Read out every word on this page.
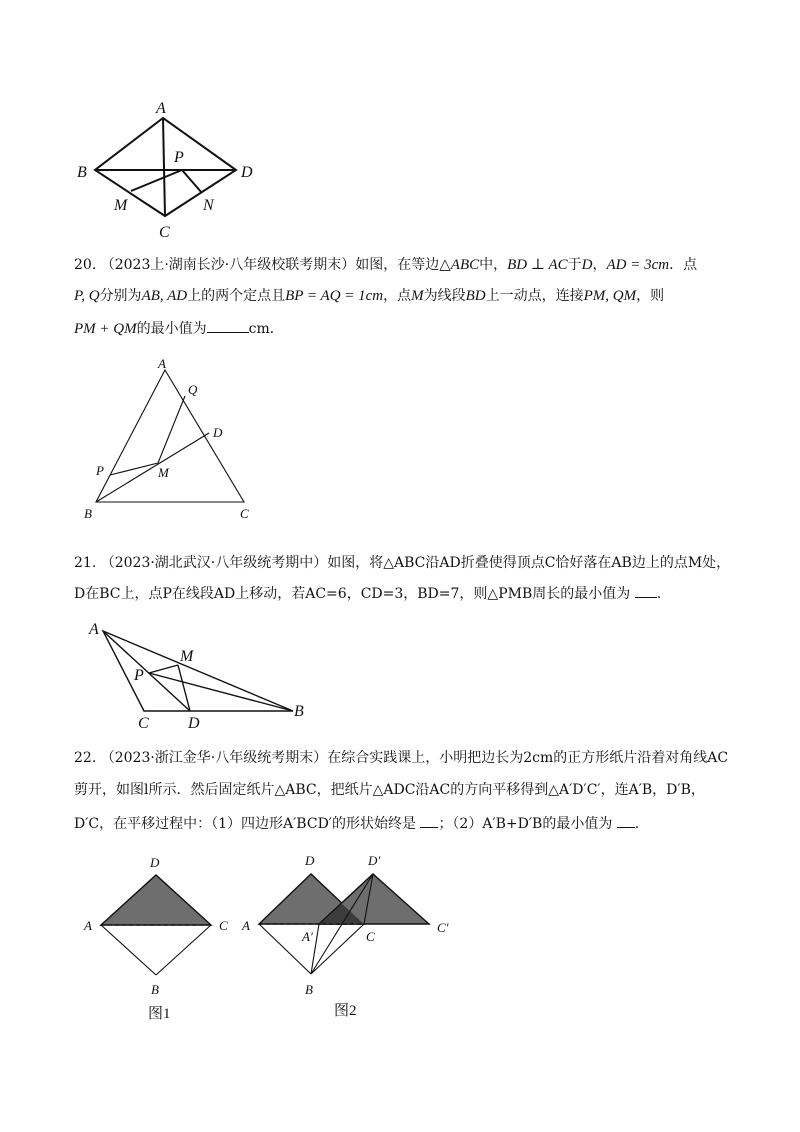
A
B
C
D
P
M	N
A
Q
D
P	M
B	C
A
M
P
C D
B
D
A	C
B
图1
D	D′
A
A′	C
C′
B
图2
20. （2023上·湖南长沙·八年级校联考期末）如图，在等边△ABC中，BD ⊥ AC于D，AD = 3cm．点
P, Q分别为AB, AD上的两个定点且BP = AQ = 1cm，点M为线段BD上一动点，连接PM, QM，则
PM + QM的最小值为	cm．
21. （2023·湖北武汉·八年级统考期中）如图，将△ABC沿AD折叠使得顶点C恰好落在AB边上的点M处，
D在BC上，点P在线段AD上移动，若AC=6，CD=3，BD=7，则△PMB周长的最小值为 .
22. （2023·浙江金华·八年级统考期末）在综合实践课上，小明把边长为2cm的正方形纸片沿着对角线AC
剪开，如图l所示．然后固定纸片△ABC，把纸片△ADC沿AC的方向平移得到△A′D′C′，连A′B，D′B，
D′C，在平移过程中：（1）四边形A′BCD′的形状始终是 ；（2）A′B+D′B的最小值为 .
